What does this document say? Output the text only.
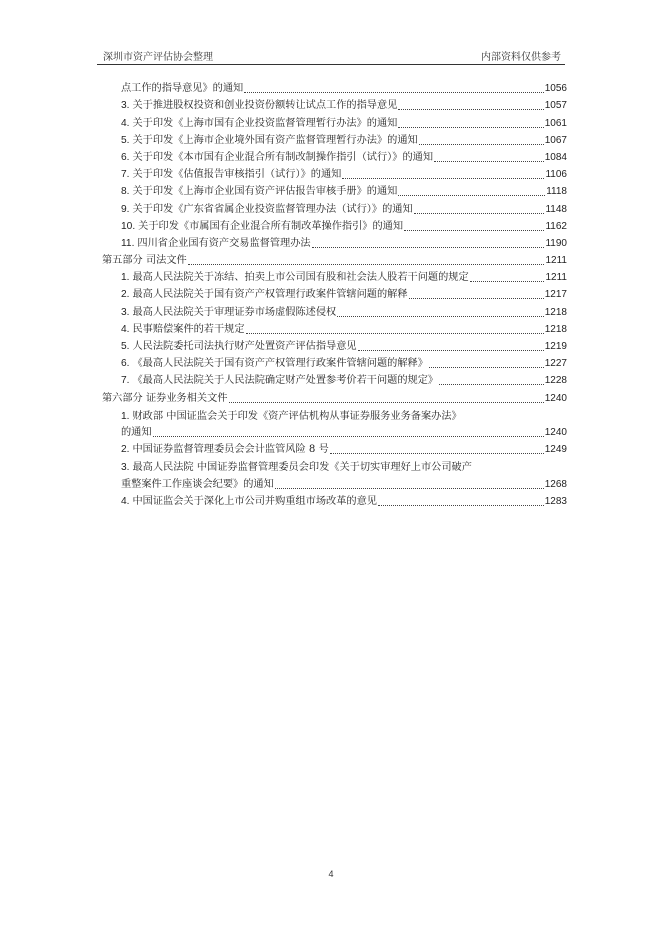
深圳市资产评估协会整理	内部资料仅供参考
点工作的指导意见》的通知	1056
3. 关于推进股权投资和创业投资份额转让试点工作的指导意见	1057
4. 关于印发《上海市国有企业投资监督管理暂行办法》的通知	1061
5. 关于印发《上海市企业境外国有资产监督管理暂行办法》的通知	1067
6. 关于印发《本市国有企业混合所有制改制操作指引（试行）》的通知	1084
7. 关于印发《估值报告审核指引（试行）》的通知	1106
8. 关于印发《上海市企业国有资产评估报告审核手册》的通知	1118
9. 关于印发《广东省省属企业投资监督管理办法（试行）》的通知	1148
10. 关于印发《市属国有企业混合所有制改革操作指引》的通知	1162
11. 四川省企业国有资产交易监督管理办法	1190
第五部分 司法文件	1211
1. 最高人民法院关于冻结、拍卖上市公司国有股和社会法人股若干问题的规定	1211
2. 最高人民法院关于国有资产产权管理行政案件管辖问题的解释	1217
3. 最高人民法院关于审理证券市场虚假陈述侵权	1218
4. 民事赔偿案件的若干规定	1218
5. 人民法院委托司法执行财产处置资产评估指导意见	1219
6. 《最高人民法院关于国有资产产权管理行政案件管辖问题的解释》	1227
7. 《最高人民法院关于人民法院确定财产处置参考价若干问题的规定》	1228
第六部分 证券业务相关文件	1240
1. 财政部 中国证监会关于印发《资产评估机构从事证券服务业务备案办法》
的通知	1240
2. 中国证券监督管理委员会会计监管风险 8 号	1249
3. 最高人民法院 中国证券监督管理委员会印发《关于切实审理好上市公司破产
重整案件工作座谈会纪要》的通知	1268
4. 中国证监会关于深化上市公司并购重组市场改革的意见	1283
4
